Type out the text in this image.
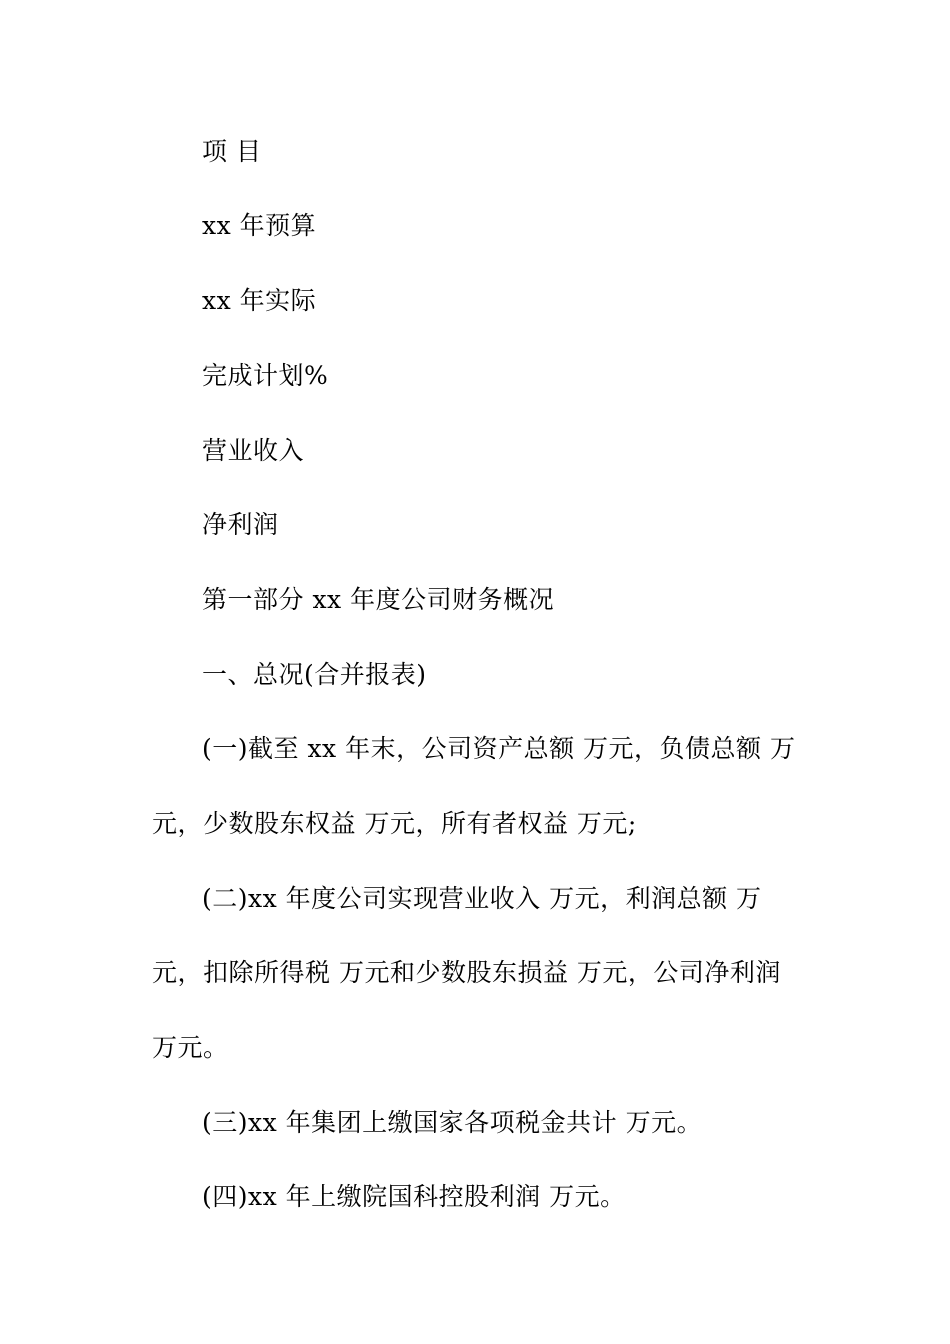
项 目
xx 年预算
xx 年实际
完成计划%
营业收入
净利润
第一部分 xx 年度公司财务概况
一、总况(合并报表)
(一)截至 xx 年末，公司资产总额 万元，负债总额 万
元，少数股东权益 万元，所有者权益 万元;
(二)xx 年度公司实现营业收入 万元，利润总额 万
元，扣除所得税 万元和少数股东损益 万元，公司净利润
万元。
(三)xx 年集团上缴国家各项税金共计 万元。
(四)xx 年上缴院国科控股利润 万元。
